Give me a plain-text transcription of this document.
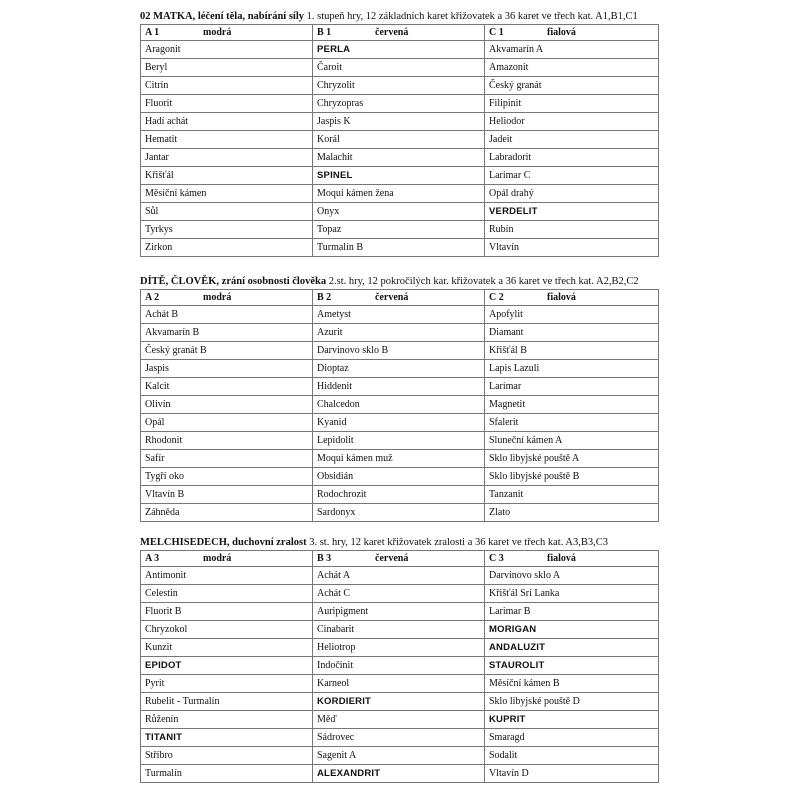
02 MATKA, léčení těla, nabírání síly 1. stupeň hry, 12 základních karet křižovatek a 36 karet ve třech kat. A1,B1,C1
A 1 modrá	B 1 červená	C 1 fialová
Aragonit	PERLA	Akvamarín A
Beryl	Čaroit	Amazonit
Citrín	Chryzolit	Český granát
Fluorit	Chryzopras	Filipinit
Hadí achát	Jaspis K	Heliodor
Hematit	Korál	Jadeit
Jantar	Malachit	Labradorit
Křišťál	SPINEL	Larimar C
Měsíční kámen	Moqui kámen žena	Opál drahý
Sůl	Onyx	VERDELIT
Tyrkys	Topaz	Rubín
Zirkon	Turmalín B	Vltavín
DÍTĚ, ČLOVĚK, zrání osobnosti člověka 2.st. hry, 12 pokročilých kar. křižovatek a 36 karet ve třech kat. A2,B2,C2
A 2 modrá	B 2 červená	C 2 fialová
Achát B	Ametyst	Apofylit
Akvamarín B	Azurit	Diamant
Český granát B	Darvinovo sklo B	Křišťál B
Jaspis	Dioptaz	Lapis Lazuli
Kalcit	Hiddenit	Larimar
Olivín	Chalcedon	Magnetit
Opál	Kyanid	Sfalerit
Rhodonit	Lepidolit	Sluneční kámen A
Safír	Moqui kámen muž	Sklo libyjské pouště A
Tygří oko	Obsidián	Sklo libyjské pouště B
Vltavín B	Rodochrozit	Tanzanit
Záhněda	Sardonyx	Zlato
MELCHISEDECH, duchovní zralost 3. st. hry, 12 karet křižovatek zralosti a 36 karet ve třech kat. A3,B3,C3
A 3 modrá	B 3 červená	C 3 fialová
Antimonit	Achát A	Darvinovo sklo A
Celestin	Achát C	Křišťál Srí Lanka
Fluorit B	Auripigment	Larimar B
Chryzokol	Cinabarit	MORIGAN
Kunzit	Heliotrop	ANDALUZIT
EPIDOT	Indočinit	STAUROLIT
Pyrit	Karneol	Měsíční kámen B
Rubelit - Turmalín	KORDIERIT	Sklo libyjské pouště D
Růženín	Měď	KUPRIT
TITANIT	Sádrovec	Smaragd
Stříbro	Sagenit A	Sodalit
Turmalín	ALEXANDRIT	Vltavín D
